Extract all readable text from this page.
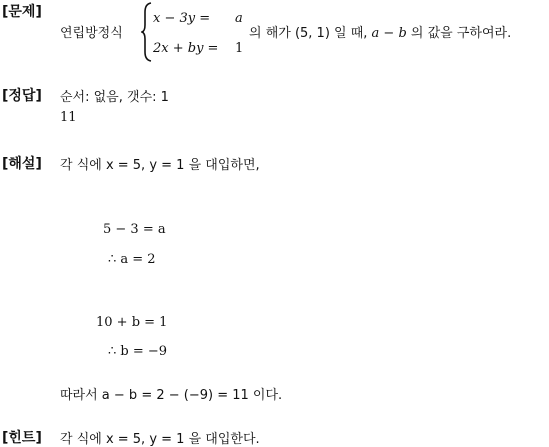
[문제]
연립방정식
x − 3y = a
2x + by = 1
의 해가 (5, 1) 일 때, a − b 의 값을 구하여라.
[정답] 순서: 없음, 갯수: 1
11
[해설] 각 식에 x = 5, y = 1 을 대입하면,
5 − 3 = a
∴ a = 2
10 + b = 1
∴ b = −9
따라서 a − b = 2 − (−9) = 11 이다.
[힌트] 각 식에 x = 5, y = 1 을 대입한다.
